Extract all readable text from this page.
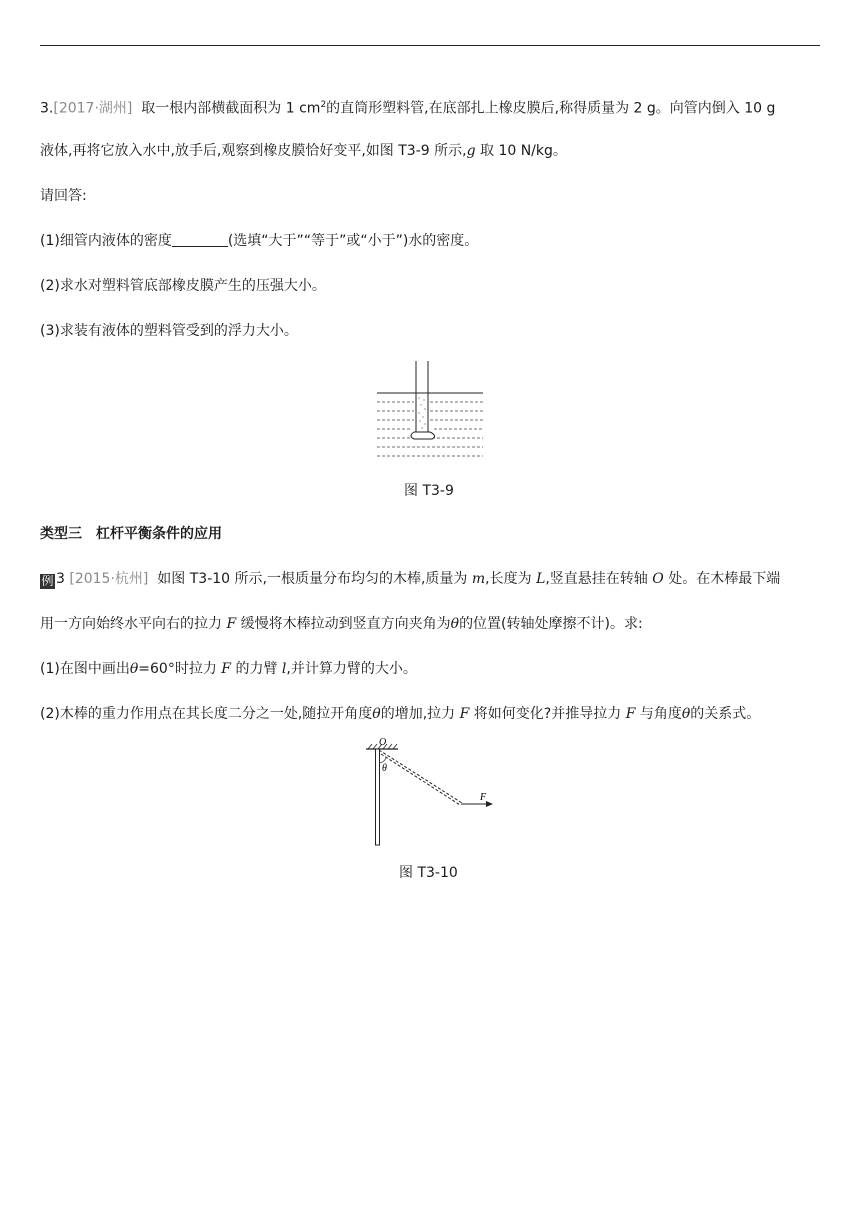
3.[2017·湖州] 取一根内部横截面积为 1 $cm^2$的直筒形塑料管,在底部扎上橡皮膜后,称得质量为 2 g。向管内倒入 10 g
液体,再将它放入水中,放手后,观察到橡皮膜恰好变平,如图 T3-9 所示,g 取 10 N/kg。
请回答:
(1)细管内液体的密度	(选填“大于”“等于”或“小于”)水的密度。
(2)求水对塑料管底部橡皮膜产生的压强大小。
(3)求装有液体的塑料管受到的浮力大小。
图 T3-9
类型三　杠杆平衡条件的应用
例 3 [2015·杭州] 如图 T3-10 所示,一根质量分布均匀的木棒,质量为 m,长度为 L,竖直悬挂在转轴 O 处。在木棒最下端
用一方向始终水平向右的拉力 F 缓慢将木棒拉动到竖直方向夹角为θ的位置(转轴处摩擦不计)。求:
(1)在图中画出θ=60°时拉力 F 的力臂 l,并计算力臂的大小。
(2)木棒的重力作用点在其长度二分之一处,随拉开角度θ的增加,拉力 F 将如何变化?并推导拉力 F 与角度θ的关系式。
O
θ
F
图 T3-10
